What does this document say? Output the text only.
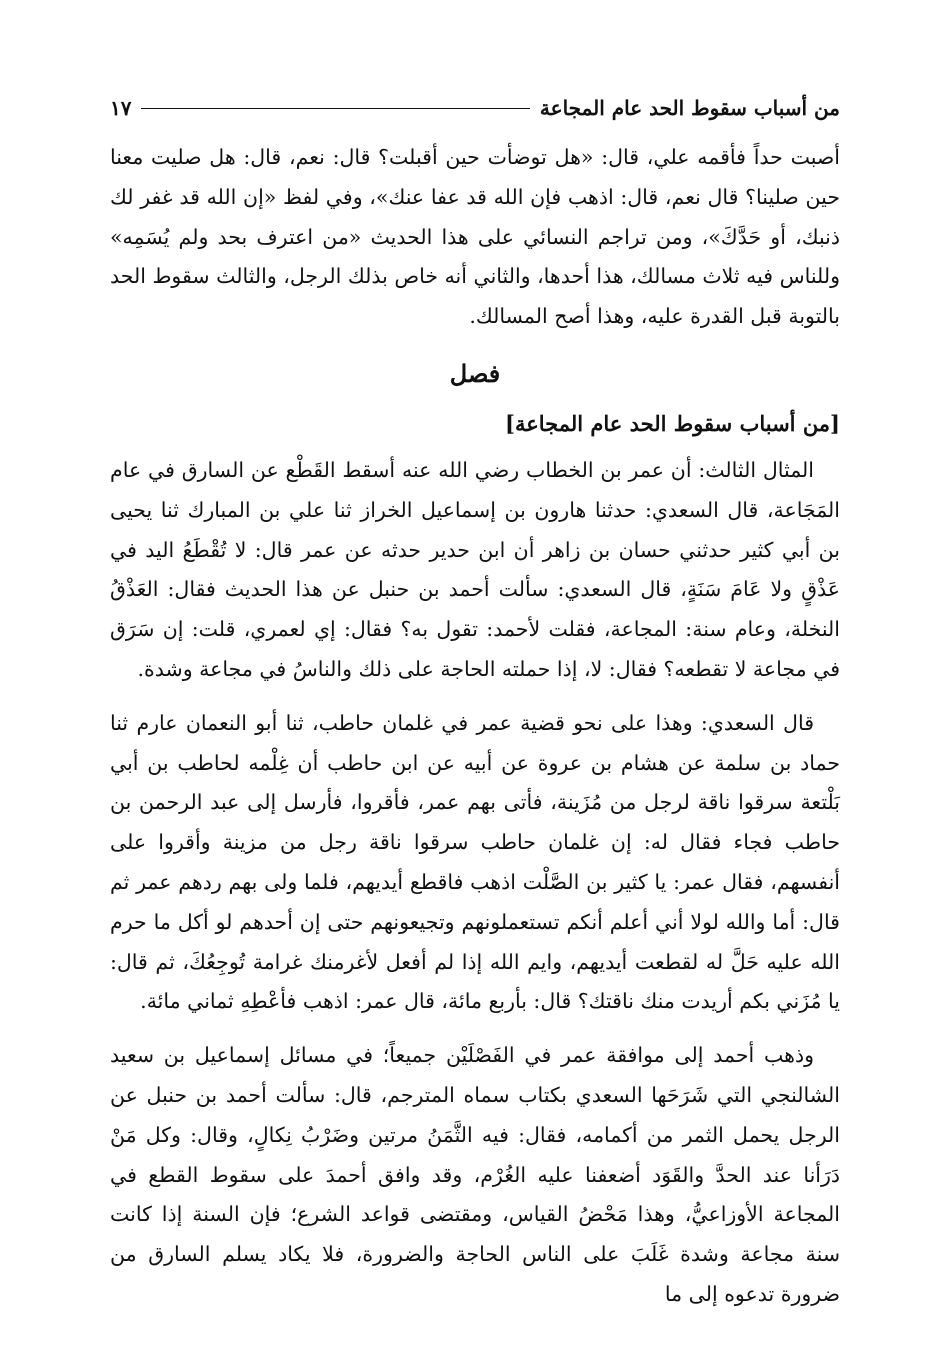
من أسباب سقوط الحد عام المجاعة
١٧

أصبت حداً فأقمه علي، قال: «هل توضأت حين أقبلت؟ قال: نعم، قال: هل صليت معنا حين صلينا؟ قال نعم، قال: اذهب فإن الله قد عفا عنك»، وفي لفظ «إن الله قد غفر لك ذنبك، أو حَدَّكَ»، ومن تراجم النسائي على هذا الحديث «من اعترف بحد ولم يُسَمِه» وللناس فيه ثلاث مسالك، هذا أحدها، والثاني أنه خاص بذلك الرجل، والثالث سقوط الحد بالتوبة قبل القدرة عليه، وهذا أصح المسالك.

فصل
[من أسباب سقوط الحد عام المجاعة]

المثال الثالث: أن عمر بن الخطاب رضي الله عنه أسقط القَطْع عن السارق في عام المَجَاعة، قال السعدي: حدثنا هارون بن إسماعيل الخراز ثنا علي بن المبارك ثنا يحيى بن أبي كثير حدثني حسان بن زاهر أن ابن حدير حدثه عن عمر قال: لا تُقْطَعُ اليد في عَذْقٍ ولا عَامَ سَنَةٍ، قال السعدي: سألت أحمد بن حنبل عن هذا الحديث فقال: العَذْقُ النخلة، وعام سنة: المجاعة، فقلت لأحمد: تقول به؟ فقال: إي لعمري، قلت: إن سَرَق في مجاعة لا تقطعه؟ فقال: لا، إذا حملته الحاجة على ذلك والناسُ في مجاعة وشدة.

قال السعدي: وهذا على نحو قضية عمر في غلمان حاطب، ثنا أبو النعمان عارم ثنا حماد بن سلمة عن هشام بن عروة عن أبيه عن ابن حاطب أن غِلْمه لحاطب بن أبي بَلْتعة سرقوا ناقة لرجل من مُزَينة، فأتى بهم عمر، فأقروا، فأرسل إلى عبد الرحمن بن حاطب فجاء فقال له: إن غلمان حاطب سرقوا ناقة رجل من مزينة وأقروا على أنفسهم، فقال عمر: يا كثير بن الصَّلْت اذهب فاقطع أيديهم، فلما ولى بهم ردهم عمر ثم قال: أما والله لولا أني أعلم أنكم تستعملونهم وتجيعونهم حتى إن أحدهم لو أكل ما حرم الله عليه حَلَّ له لقطعت أيديهم، وايم الله إذا لم أفعل لأغرمنك غرامة تُوجِعُكَ، ثم قال: يا مُزَني بكم أريدت منك ناقتك؟ قال: بأربع مائة، قال عمر: اذهب فأعْطِهِ ثماني مائة.

وذهب أحمد إلى موافقة عمر في الفَصْلَيْن جميعاً؛ في مسائل إسماعيل بن سعيد الشالنجي التي شَرَحَها السعدي بكتاب سماه المترجم، قال: سألت أحمد بن حنبل عن الرجل يحمل الثمر من أكمامه، فقال: فيه الثَّمَنُ مرتين وضَرْبُ نِكالٍ، وقال: وكل مَنْ دَرَأنا عند الحدَّ والقَوَد أضعفنا عليه الغُرْم، وقد وافق أحمدَ على سقوط القطع في المجاعة الأوزاعيُّ، وهذا مَحْضُ القياس، ومقتضى قواعد الشرع؛ فإن السنة إذا كانت سنة مجاعة وشدة غَلَبَ على الناس الحاجة والضرورة، فلا يكاد يسلم السارق من ضرورة تدعوه إلى ما
